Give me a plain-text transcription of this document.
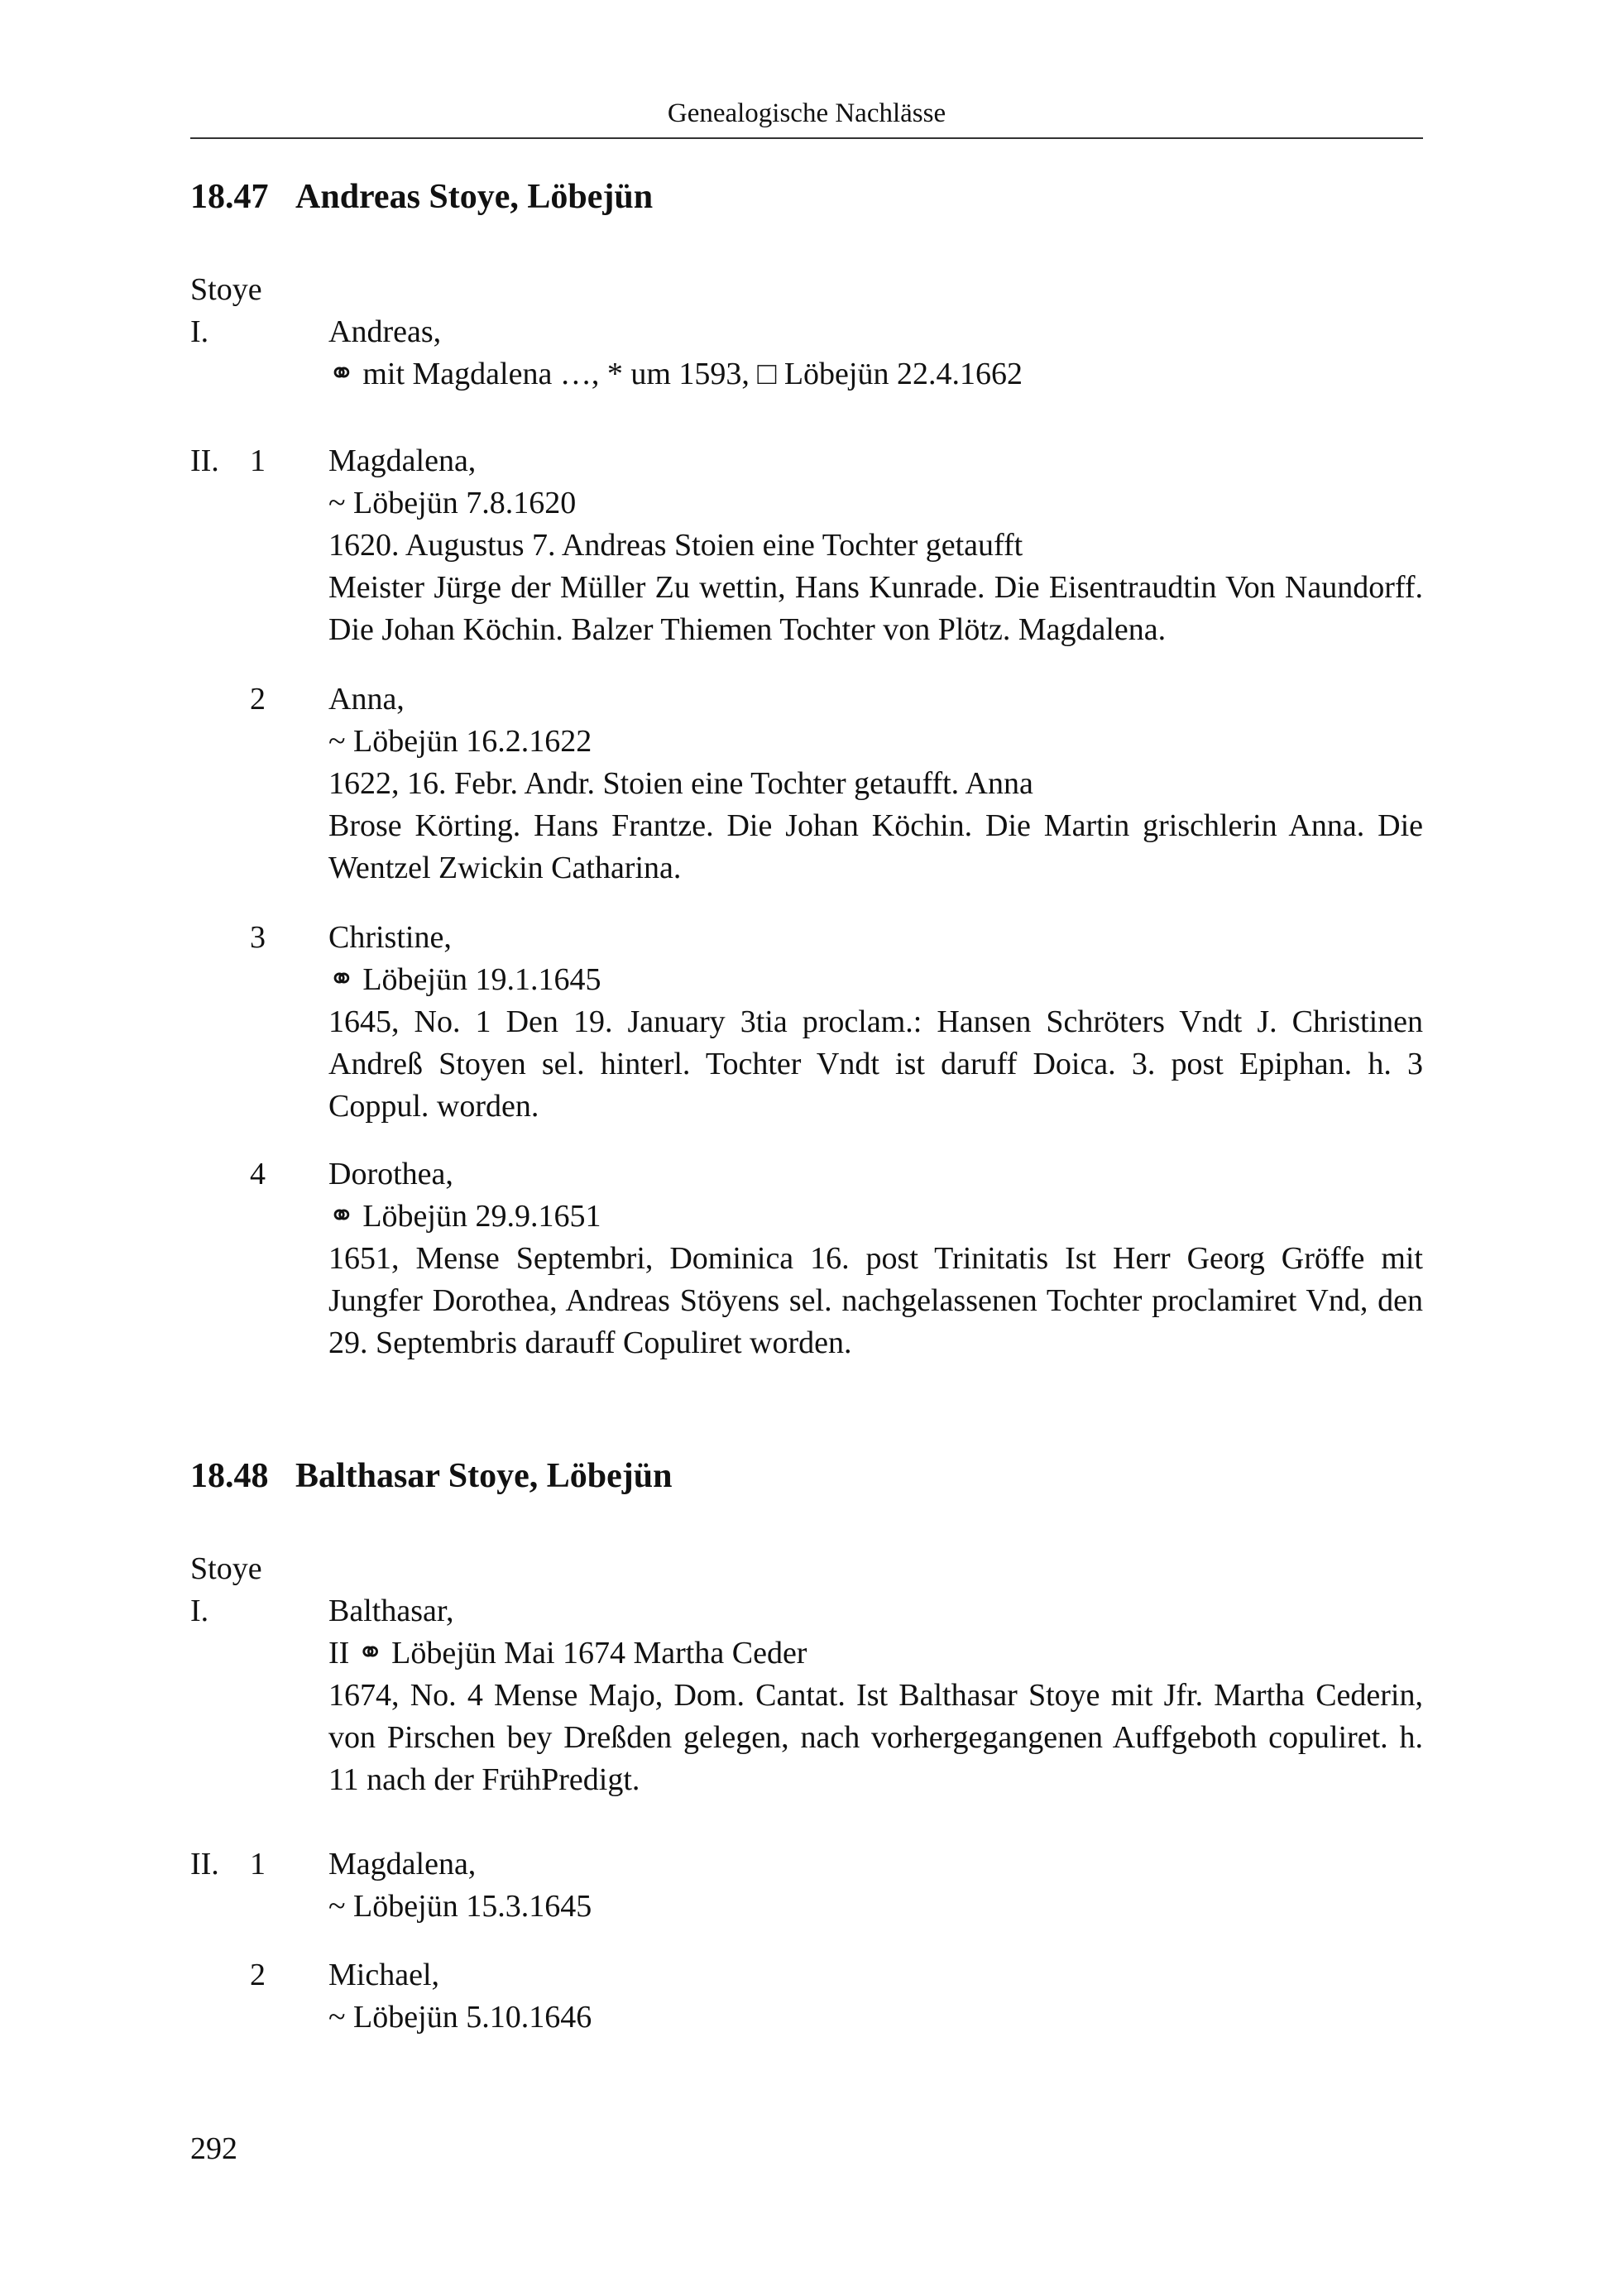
Genealogische Nachlässe
18.47 Andreas Stoye, Löbejün
Stoye
I.	Andreas,
⚭ mit Magdalena …, * um 1593, □ Löbejün 22.4.1662
II. 1 Magdalena,
~ Löbejün 7.8.1620
1620. Augustus 7. Andreas Stoien eine Tochter getaufft
Meister Jürge der Müller Zu wettin, Hans Kunrade. Die Eisentraudtin Von Naundorff. Die Johan Köchin. Balzer Thiemen Tochter von Plötz. Magdalena.
2 Anna,
~ Löbejün 16.2.1622
1622, 16. Febr. Andr. Stoien eine Tochter getaufft. Anna
Brose Körting. Hans Frantze. Die Johan Köchin. Die Martin grischlerin Anna. Die Wentzel Zwickin Catharina.
3 Christine,
⚭ Löbejün 19.1.1645
1645, No. 1 Den 19. January 3tia proclam.: Hansen Schröters Vndt J. Christinen Andreß Stoyen sel. hinterl. Tochter Vndt ist daruff Doica. 3. post Epiphan. h. 3 Coppul. worden.
4 Dorothea,
⚭ Löbejün 29.9.1651
1651, Mense Septembri, Dominica 16. post Trinitatis Ist Herr Georg Gröffe mit Jungfer Dorothea, Andreas Stöyens sel. nachgelassenen Tochter proclamiret Vnd, den 29. Septembris darauff Copuliret worden.
18.48 Balthasar Stoye, Löbejün
Stoye
I.	Balthasar,
II ⚭ Löbejün Mai 1674 Martha Ceder
1674, No. 4 Mense Majo, Dom. Cantat. Ist Balthasar Stoye mit Jfr. Martha Cederin, von Pirschen bey Dreßden gelegen, nach vorhergegangenen Auffgeboth copuliret. h. 11 nach der FrühPredigt.
II. 1 Magdalena,
~ Löbejün 15.3.1645
2 Michael,
~ Löbejün 5.10.1646
292
